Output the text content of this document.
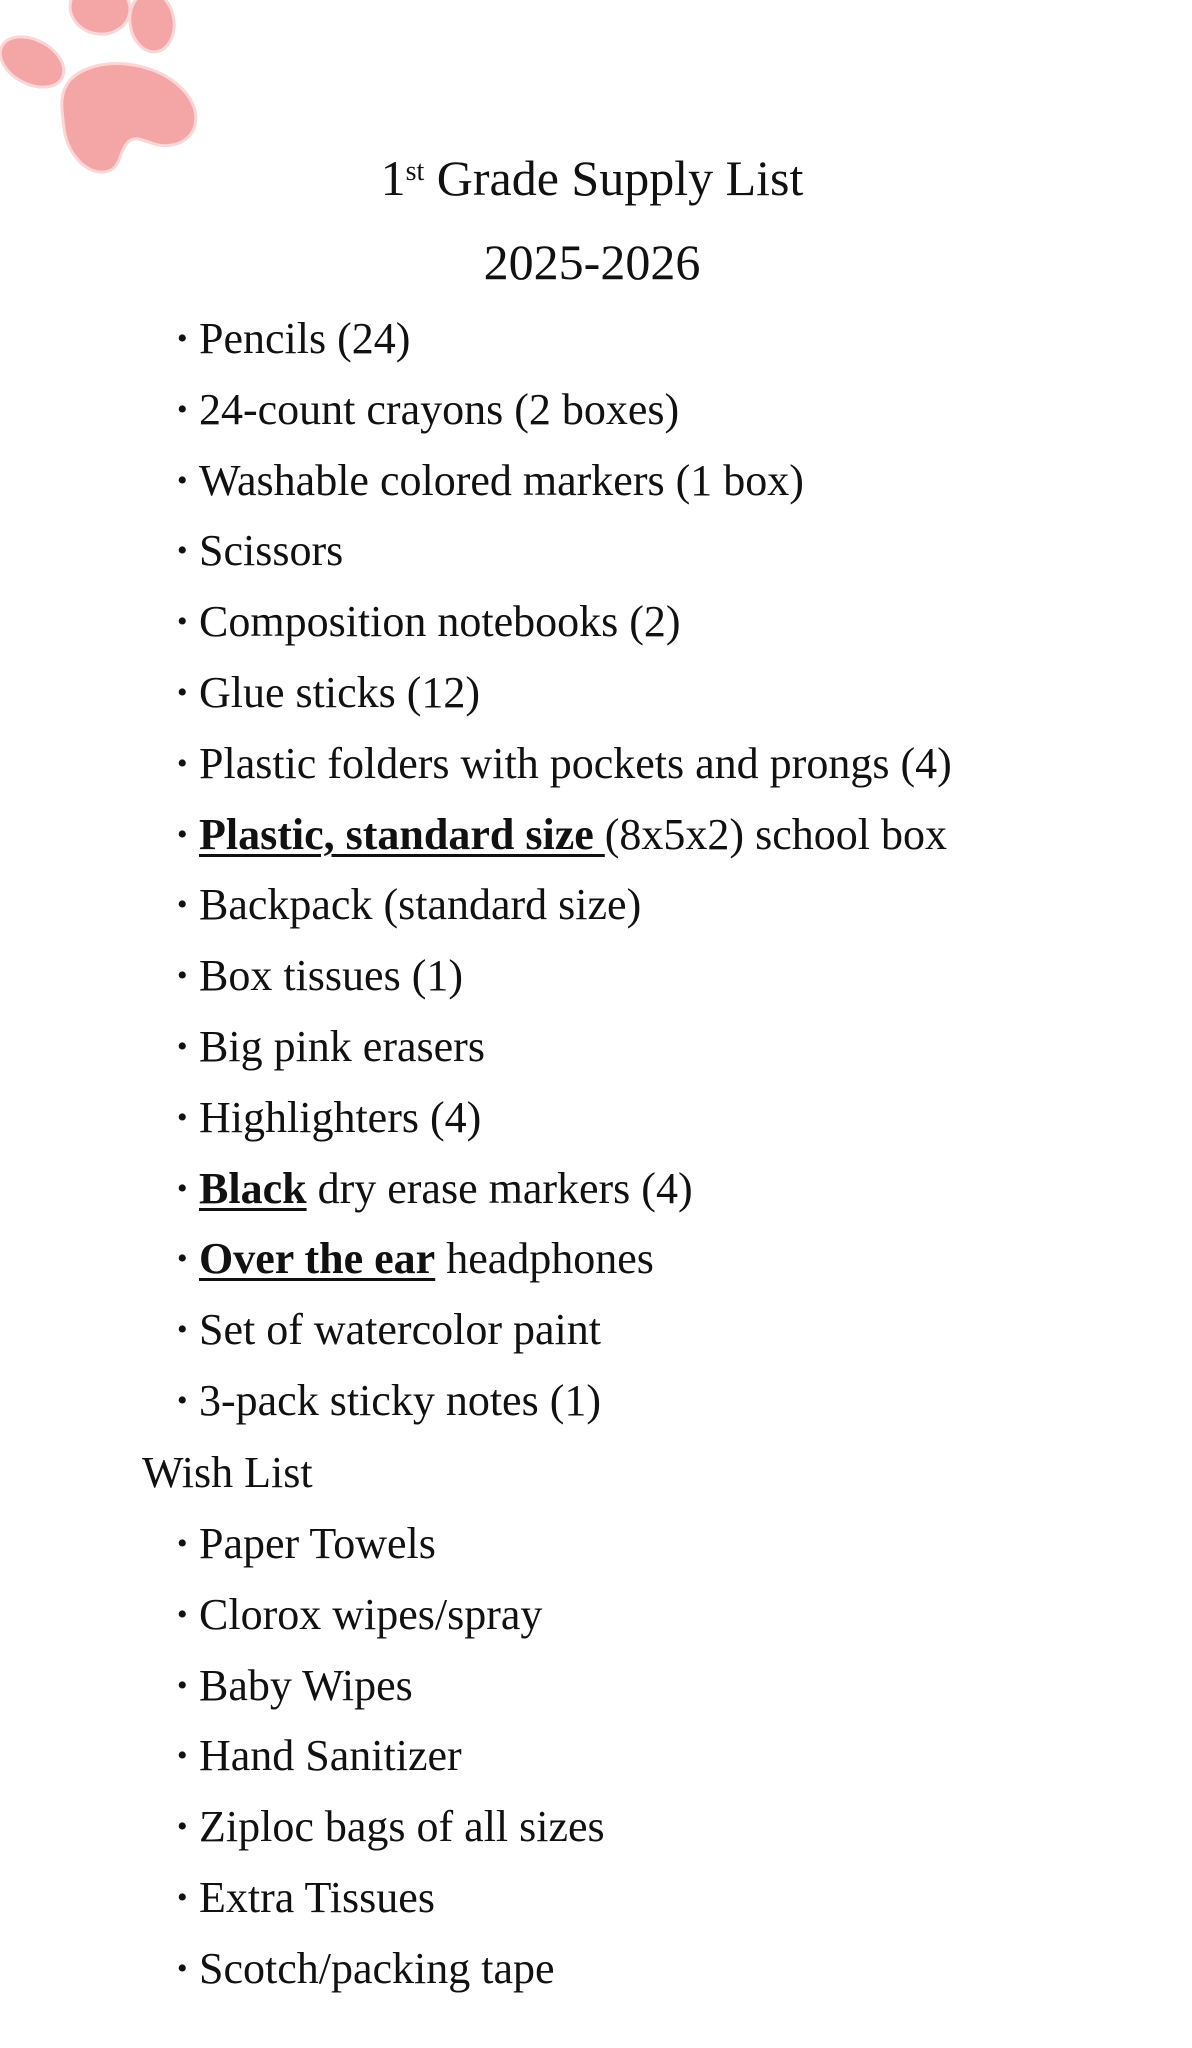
1st Grade Supply List
2025-2026
• Pencils (24)
• 24-count crayons (2 boxes)
• Washable colored markers (1 box)
• Scissors
• Composition notebooks (2)
• Glue sticks (12)
• Plastic folders with pockets and prongs (4)
• Plastic, standard size (8x5x2) school box
• Backpack (standard size)
• Box tissues (1)
• Big pink erasers
• Highlighters (4)
• Black dry erase markers (4)
• Over the ear headphones
• Set of watercolor paint
• 3-pack sticky notes (1)
Wish List
• Paper Towels
• Clorox wipes/spray
• Baby Wipes
• Hand Sanitizer
• Ziploc bags of all sizes
• Extra Tissues
• Scotch/packing tape
